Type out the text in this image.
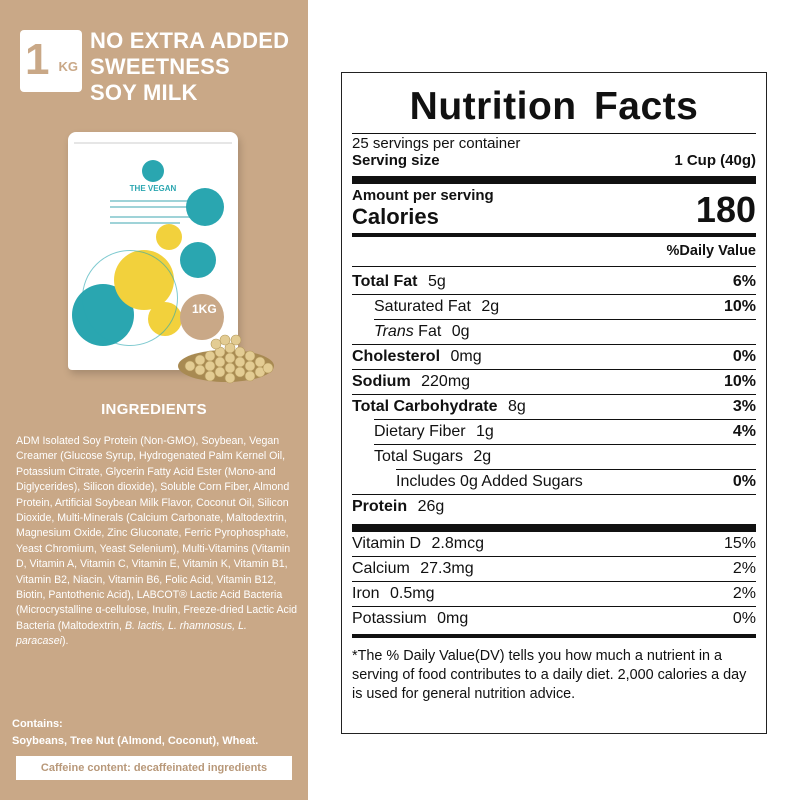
1 KG
NO EXTRA ADDED
SWEETNESS
SOY MILK
THE VEGAN
1KG
INGREDIENTS
ADM Isolated Soy Protein (Non-GMO), Soybean, Vegan Creamer (Glucose Syrup, Hydrogenated Palm Kernel Oil, Potassium Citrate, Glycerin Fatty Acid Ester (Mono-and Diglycerides), Silicon dioxide), Soluble Corn Fiber, Almond Protein, Artificial Soybean Milk Flavor, Coconut Oil, Silicon Dioxide, Multi-Minerals (Calcium Carbonate, Maltodextrin, Magnesium Oxide, Zinc Gluconate, Ferric Pyrophosphate, Yeast Chromium, Yeast Selenium), Multi-Vitamins (Vitamin D, Vitamin A, Vitamin C, Vitamin E, Vitamin K, Vitamin B1, Vitamin B2, Niacin, Vitamin B6, Folic Acid, Vitamin B12, Biotin, Pantothenic Acid), LABCOT® Lactic Acid Bacteria (Microcrystalline α-cellulose, Inulin, Freeze-dried Lactic Acid Bacteria (Maltodextrin, B. lactis, L. rhamnosus, L. paracasei).
Contains:
Soybeans, Tree Nut (Almond, Coconut), Wheat.
Caffeine content: decaffeinated ingredients
Nutrition Facts
25 servings per container
Serving size	1 Cup (40g)
Amount per serving
Calories	180
%Daily Value
Total Fat 5g	6%
Saturated Fat 2g	10%
Trans Fat 0g
Cholesterol 0mg	0%
Sodium 220mg	10%
Total Carbohydrate 8g	3%
Dietary Fiber 1g	4%
Total Sugars 2g
Includes 0g Added Sugars	0%
Protein 26g
Vitamin D 2.8mcg	15%
Calcium 27.3mg	2%
Iron 0.5mg	2%
Potassium 0mg	0%
*The % Daily Value(DV) tells you how much a nutrient in a serving of food contributes to a daily diet. 2,000 calories a day is used for general nutrition advice.
